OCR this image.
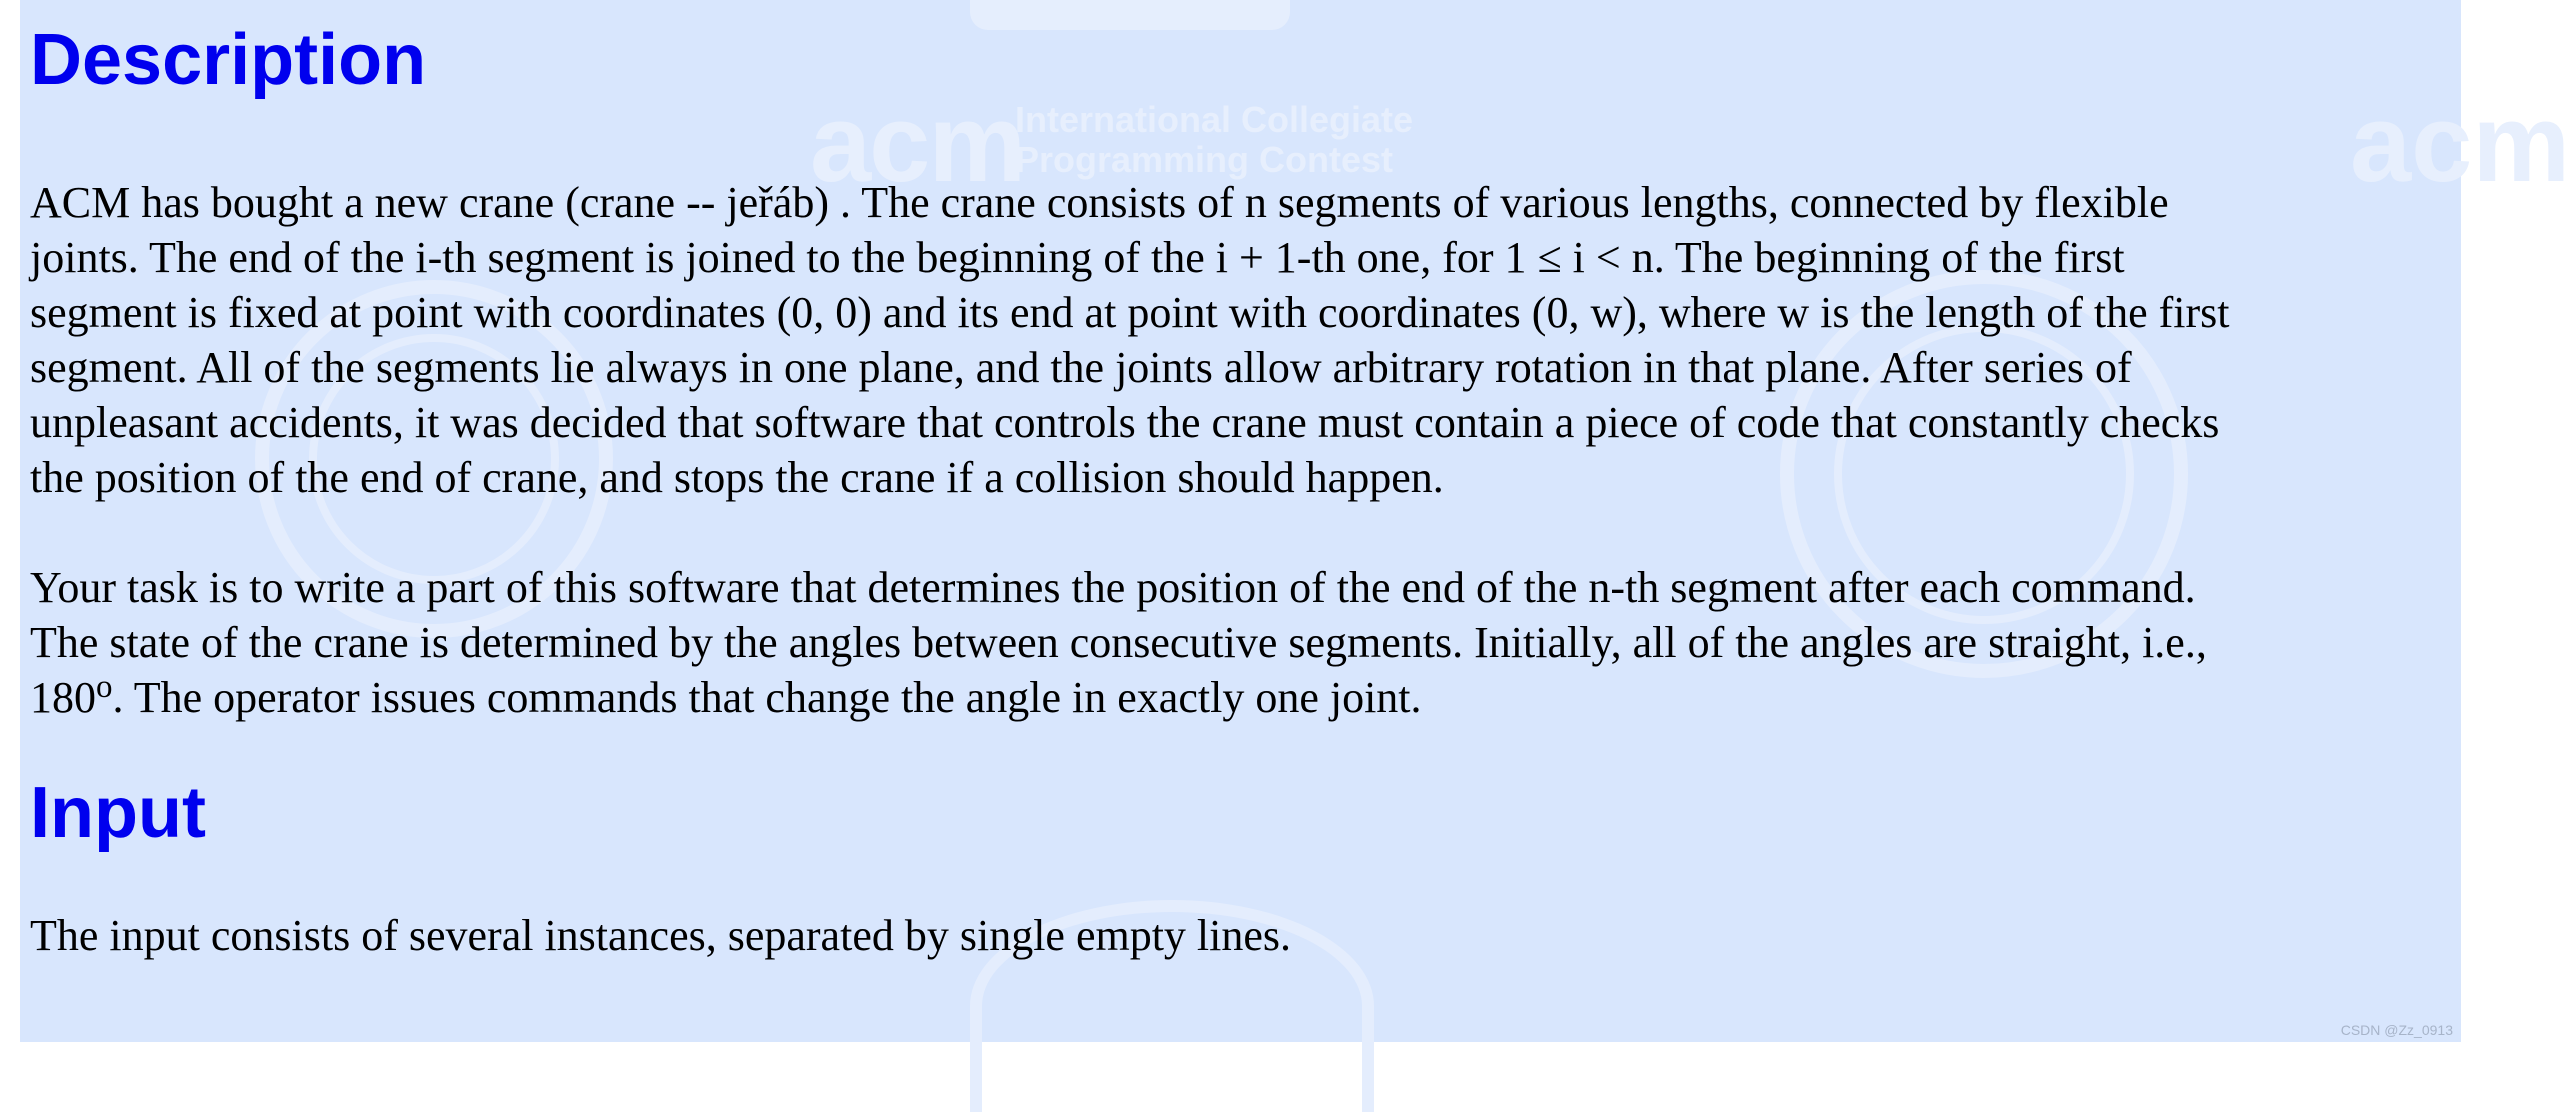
acm
International Collegiate
Programming Contest	acm
Description

ACM has bought a new crane (crane -- jeřáb) . The crane consists of n segments of various lengths, connected by flexible
joints. The end of the i-th segment is joined to the beginning of the i + 1-th one, for 1 ≤ i < n. The beginning of the first
segment is fixed at point with coordinates (0, 0) and its end at point with coordinates (0, w), where w is the length of the first
segment. All of the segments lie always in one plane, and the joints allow arbitrary rotation in that plane. After series of
unpleasant accidents, it was decided that software that controls the crane must contain a piece of code that constantly checks
the position of the end of crane, and stops the crane if a collision should happen.

Your task is to write a part of this software that determines the position of the end of the n-th segment after each command.
The state of the crane is determined by the angles between consecutive segments. Initially, all of the angles are straight, i.e.,
180$^o$. The operator issues commands that change the angle in exactly one joint.

Input

The input consists of several instances, separated by single empty lines.

CSDN @Zz_0913
